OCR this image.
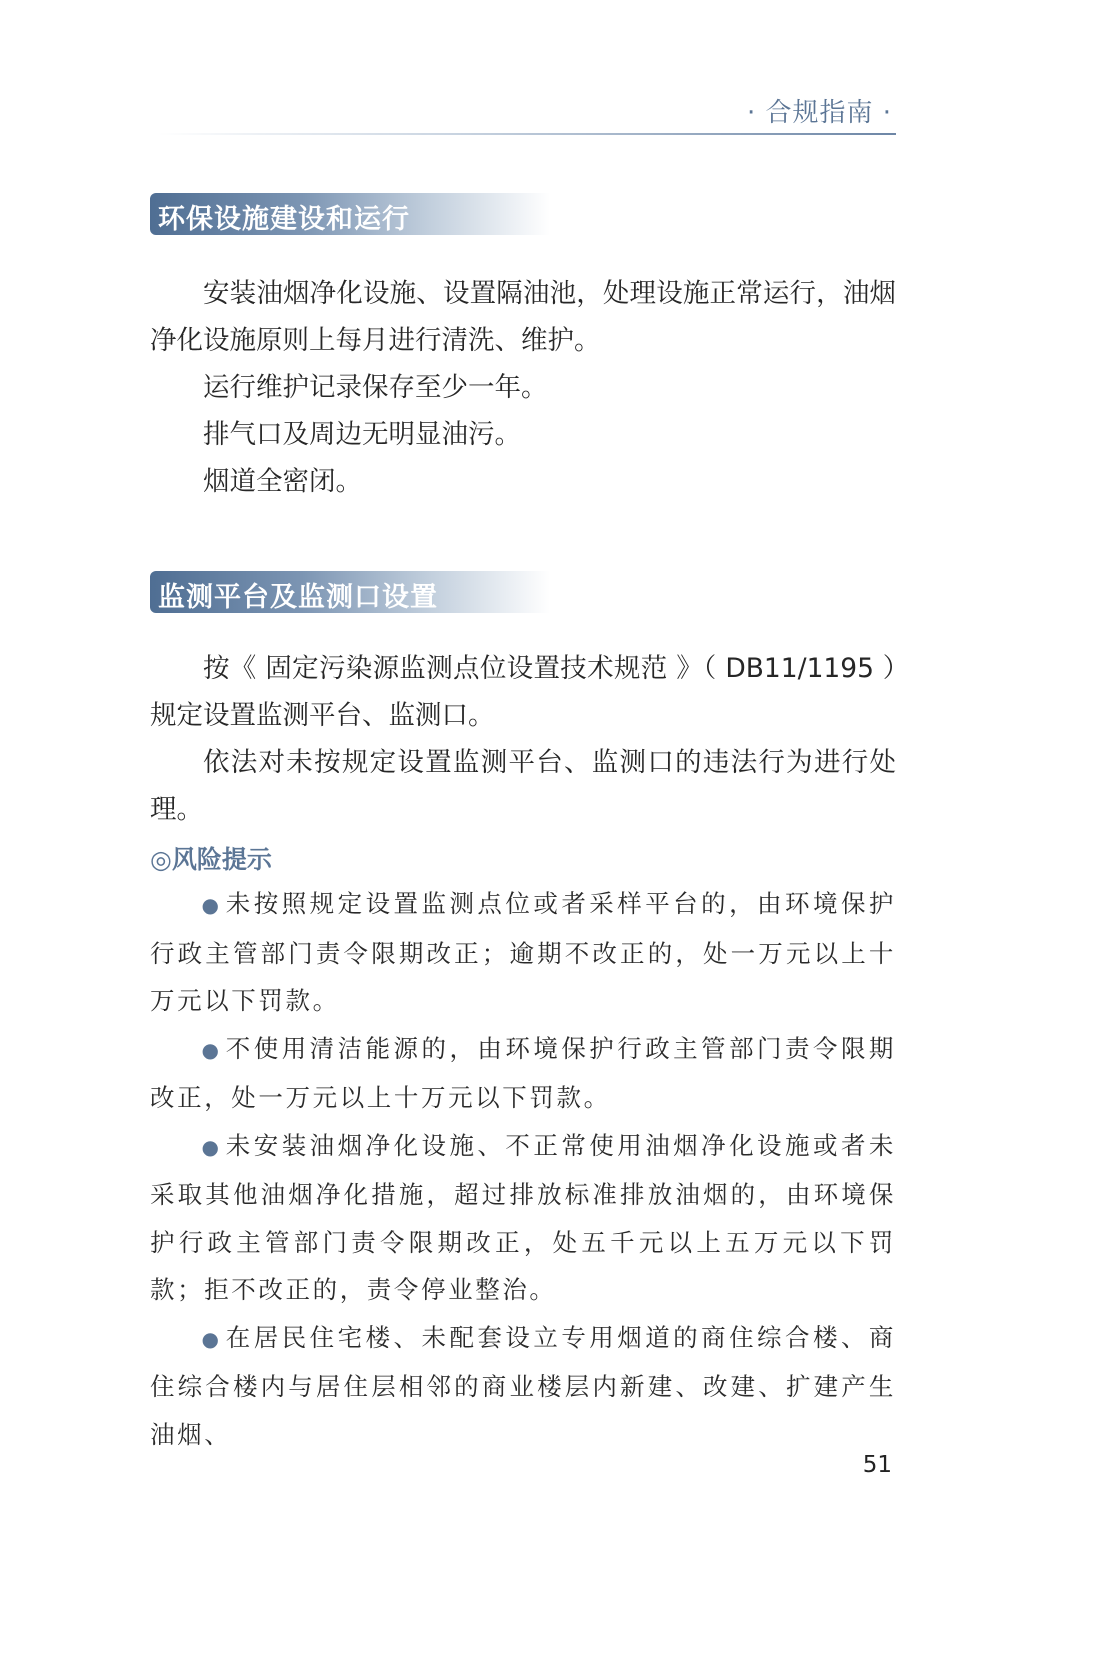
· 合规指南 ·
环保设施建设和运行

安装油烟净化设施、设置隔油池，处理设施正常运行，油烟净化设施原则上每月进行清洗、维护。

运行维护记录保存至少一年。

排气口及周边无明显油污。

烟道全密闭。

监测平台及监测口设置

按《 固定污染源监测点位设置技术规范 》（ DB11/1195 ）规定设置监测平台、监测口。

依法对未按规定设置监测平台、监测口的违法行为进行处理。

◎风险提示

● 未按照规定设置监测点位或者采样平台的，由环境保护行政主管部门责令限期改正；逾期不改正的，处一万元以上十万元以下罚款。

● 不使用清洁能源的，由环境保护行政主管部门责令限期改正，处一万元以上十万元以下罚款。

● 未安装油烟净化设施、不正常使用油烟净化设施或者未采取其他油烟净化措施，超过排放标准排放油烟的，由环境保护行政主管部门责令限期改正，处五千元以上五万元以下罚款；拒不改正的，责令停业整治。

● 在居民住宅楼、未配套设立专用烟道的商住综合楼、商住综合楼内与居住层相邻的商业楼层内新建、改建、扩建产生油烟、

51
